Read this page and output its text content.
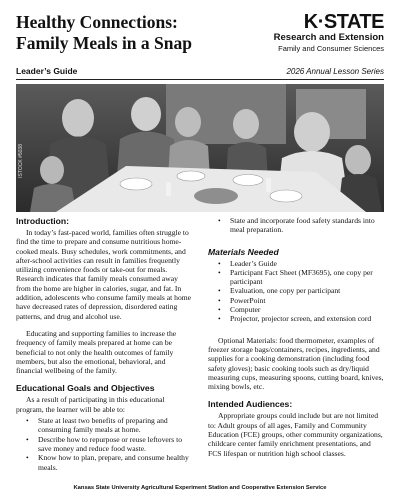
Healthy Connections:
Family Meals in a Snap
K·STATE
Research and Extension
Family and Consumer Sciences
Leader’s Guide	2026 Annual Lesson Series
ISTOCK #5038
Introduction:

In today’s fast-paced world, families often struggle to find the time to prepare and consume nutritious home-cooked meals. Busy schedules, work commitments, and after-school activities can result in families frequently utilizing convenience foods or take-out for meals. Research indicates that family meals consumed away from the home are higher in calories, sugar, and fat. In addition, adolescents who consume family meals at home have decreased rates of depression, disordered eating patterns, and drug and alcohol use.

Educating and supporting families to increase the frequency of family meals prepared at home can be beneficial to not only the health outcomes of family members, but also the emotional, behavioral, and financial wellbeing of the family.

Educational Goals and Objectives

As a result of participating in this educational program, the learner will be able to:

• State at least two benefits of preparing and consuming family meals at home.
• Describe how to repurpose or reuse leftovers to save money and reduce food waste.
• Know how to plan, prepare, and consume healthy meals.
• State and incorporate food safety standards into meal preparation.
Materials Needed
• Leader’s Guide
• Participant Fact Sheet (MF3695), one copy per participant
• Evaluation, one copy per participant
• PowerPoint
• Computer
• Projector, projector screen, and extension cord

Optional Materials: food thermometer, examples of freezer storage bags/containers, recipes, ingredients, and supplies for a cooking demonstration (including food safety gloves); basic cooking tools such as dry/liquid measuring cups, measuring spoons, cutting board, knives, mixing bowls, etc.

Intended Audiences:

Appropriate groups could include but are not limited to: Adult groups of all ages, Family and Community Education (FCE) groups, other community organizations, childcare center family enrichment presentations, and FCS lifespan or nutrition high school classes.

Kansas State University Agricultural Experiment Station and Cooperative Extension Service
